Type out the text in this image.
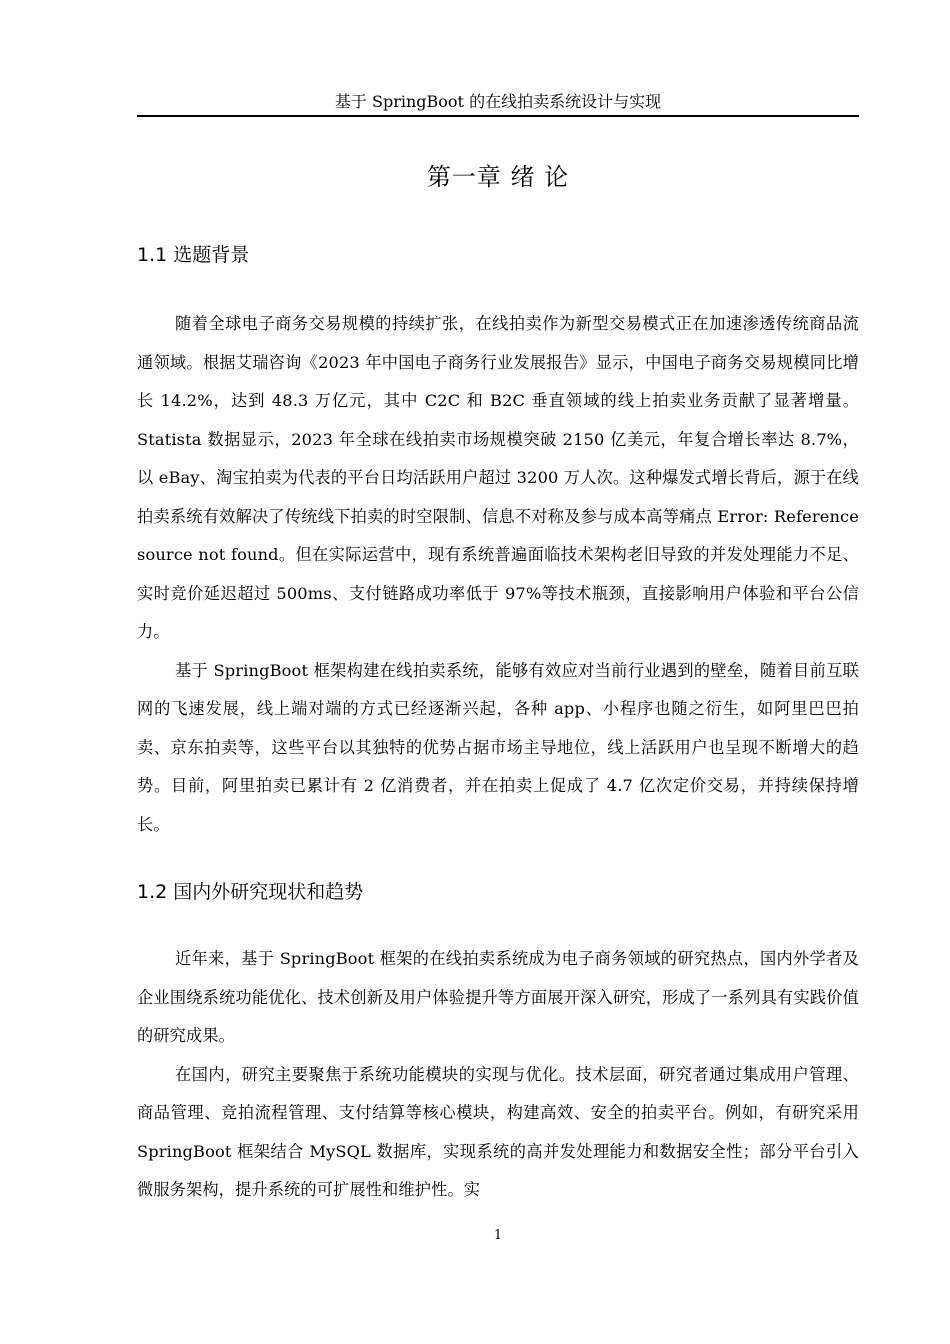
基于 SpringBoot 的在线拍卖系统设计与实现
第一章 绪 论
1.1 选题背景

随着全球电子商务交易规模的持续扩张，在线拍卖作为新型交易模式正在加速渗透传统商品流通领域。根据艾瑞咨询《2023 年中国电子商务行业发展报告》显示，中国电子商务交易规模同比增长 14.2%，达到 48.3 万亿元，其中 C2C 和 B2C 垂直领域的线上拍卖业务贡献了显著增量。Statista 数据显示，2023 年全球在线拍卖市场规模突破 2150 亿美元，年复合增长率达 8.7%，以 eBay、淘宝拍卖为代表的平台日均活跃用户超过 3200 万人次。这种爆发式增长背后，源于在线拍卖系统有效解决了传统线下拍卖的时空限制、信息不对称及参与成本高等痛点 Error: Reference source not found。但在实际运营中，现有系统普遍面临技术架构老旧导致的并发处理能力不足、实时竞价延迟超过 500ms、支付链路成功率低于 97%等技术瓶颈，直接影响用户体验和平台公信力。

基于 SpringBoot 框架构建在线拍卖系统，能够有效应对当前行业遇到的壁垒，随着目前互联网的飞速发展，线上端对端的方式已经逐渐兴起，各种 app、小程序也随之衍生，如阿里巴巴拍卖、京东拍卖等，这些平台以其独特的优势占据市场主导地位，线上活跃用户也呈现不断增大的趋势。目前，阿里拍卖已累计有 2 亿消费者，并在拍卖上促成了 4.7 亿次定价交易，并持续保持增长。

1.2 国内外研究现状和趋势

近年来，基于 SpringBoot 框架的在线拍卖系统成为电子商务领域的研究热点，国内外学者及企业围绕系统功能优化、技术创新及用户体验提升等方面展开深入研究，形成了一系列具有实践价值的研究成果。

在国内，研究主要聚焦于系统功能模块的实现与优化。技术层面，研究者通过集成用户管理、商品管理、竞拍流程管理、支付结算等核心模块，构建高效、安全的拍卖平台。例如，有研究采用 SpringBoot 框架结合 MySQL 数据库，实现系统的高并发处理能力和数据安全性；部分平台引入微服务架构，提升系统的可扩展性和维护性。实

1
